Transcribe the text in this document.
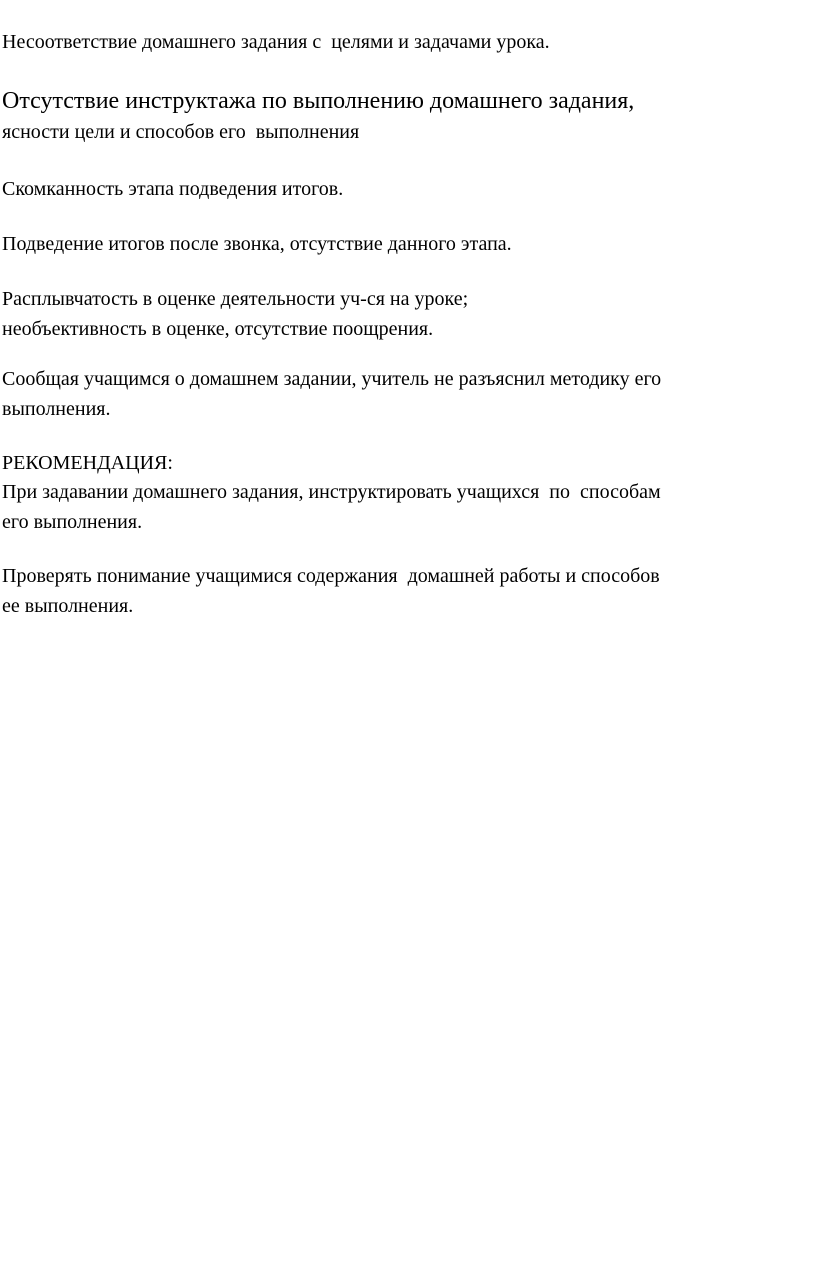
Несоответствие домашнего задания с  целями и задачами урока.
Отсутствие инструктажа по выполнению домашнего задания,
ясности цели и способов его  выполнения
Скомканность этапа подведения итогов.
Подведение итогов после звонка, отсутствие данного этапа.
Расплывчатость в оценке деятельности уч-ся на уроке;
необъективность в оценке, отсутствие поощрения.
Сообщая учащимся о домашнем задании, учитель не разъяснил методику его
выполнения.
РЕКОМЕНДАЦИЯ:
При задавании домашнего задания, инструктировать учащихся  по  способам
его выполнения.
Проверять понимание учащимися содержания  домашней работы и способов
ее выполнения.
